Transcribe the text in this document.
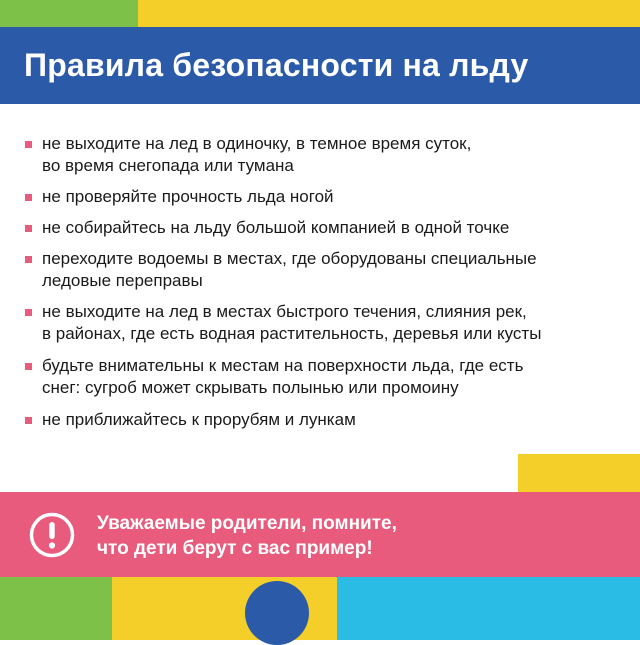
Правила безопасности на льду
не выходите на лед в одиночку, в темное время суток,
во время снегопада или тумана
не проверяйте прочность льда ногой
не собирайтесь на льду большой компанией в одной точке
переходите водоемы в местах, где оборудованы специальные
ледовые переправы
не выходите на лед в местах быстрого течения, слияния рек,
в районах, где есть водная растительность, деревья или кусты
будьте внимательны к местам на поверхности льда, где есть
снег: сугроб может скрывать полынью или промоину
не приближайтесь к прорубям и лункам
Уважаемые родители, помните,
что дети берут с вас пример!
